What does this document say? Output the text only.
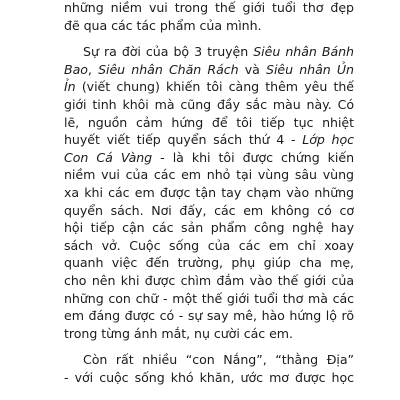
những niềm vui trong thế giới tuổi thơ đẹp
đẽ qua các tác phẩm của mình.
Sự ra đời của bộ 3 truyện Siêu nhân Bánh
Bao, Siêu nhân Chăn Rách và Siêu nhân Ủn
Ỉn (viết chung) khiến tôi càng thêm yêu thế
giới tinh khôi mà cũng đầy sắc màu này. Có
lẽ, nguồn cảm hứng để tôi tiếp tục nhiệt
huyết viết tiếp quyển sách thứ 4 - Lớp học
Con Cá Vàng - là khi tôi được chứng kiến
niềm vui của các em nhỏ tại vùng sâu vùng
xa khi các em được tận tay chạm vào những
quyển sách. Nơi đấy, các em không có cơ
hội tiếp cận các sản phẩm công nghệ hay
sách vở. Cuộc sống của các em chỉ xoay
quanh việc đến trường, phụ giúp cha mẹ,
cho nên khi được chìm đắm vào thế giới của
những con chữ - một thế giới tuổi thơ mà các
em đáng được có - sự say mê, hào hứng lộ rõ
trong từng ánh mắt, nụ cười các em.
Còn rất nhiều “con Nắng”, “thằng Địa”
- với cuộc sống khó khăn, ước mơ được học
